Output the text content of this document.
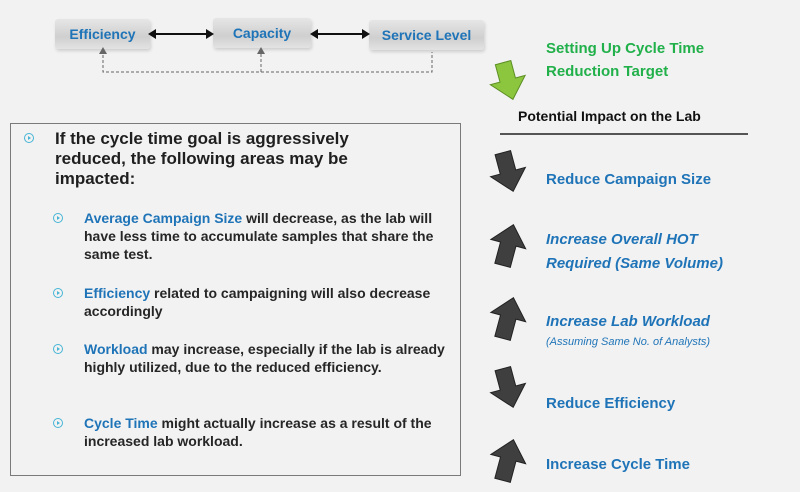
Efficiency	Capacity	Service Level
If the cycle time goal is aggressively reduced, the following areas may be impacted:
Average Campaign Size will decrease, as the lab will have less time to accumulate samples that share the same test.
Efficiency related to campaigning will also decrease accordingly
Workload may increase, especially if the lab is already highly utilized, due to the reduced efficiency.
Cycle Time might actually increase as a result of the increased lab workload.
Setting Up Cycle Time Reduction Target
Potential Impact on the Lab
Reduce Campaign Size
Increase Overall HOT Required (Same Volume)
Increase Lab Workload
(Assuming Same No. of Analysts)
Reduce Efficiency
Increase Cycle Time
